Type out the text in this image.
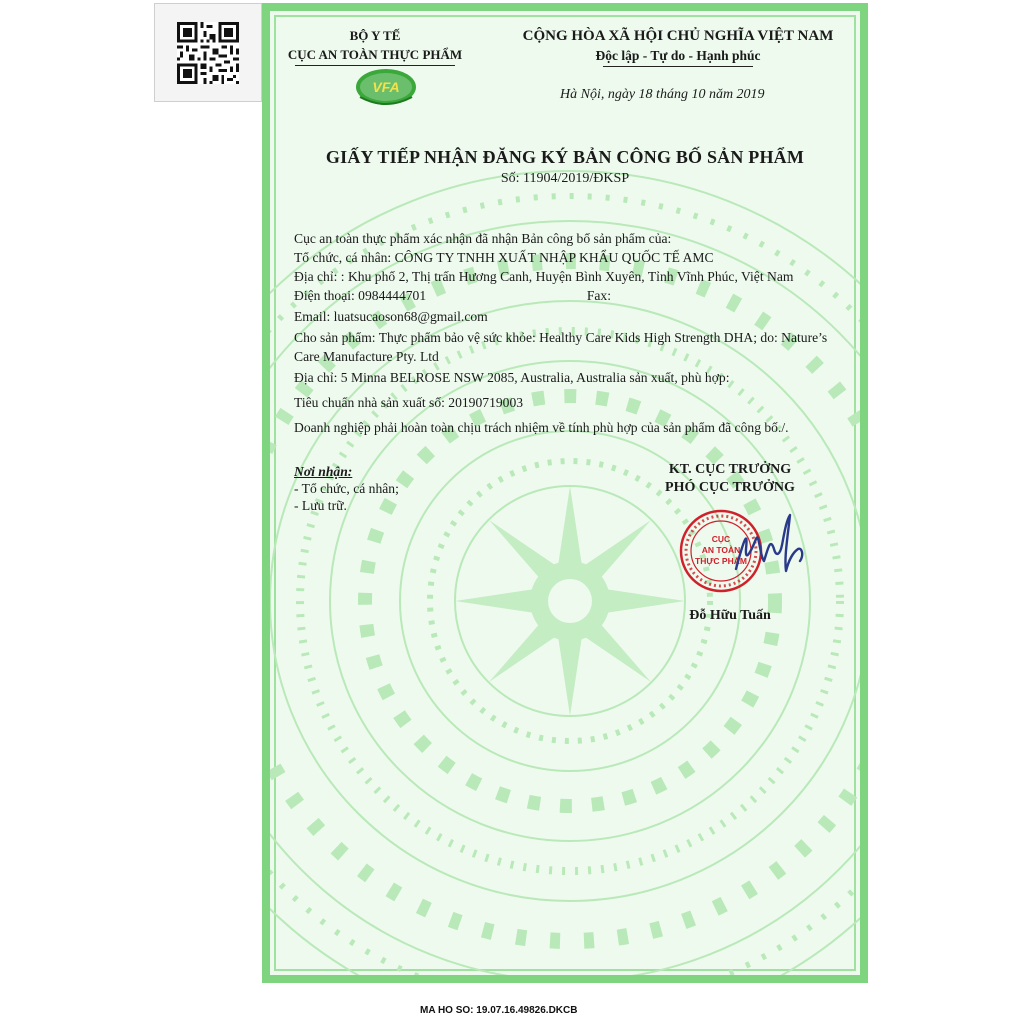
BỘ Y TẾ
CỤC AN TOÀN THỰC PHẨM
VFA
CỘNG HÒA XÃ HỘI CHỦ NGHĨA VIỆT NAM
Độc lập - Tự do - Hạnh phúc
Hà Nội, ngày 18 tháng 10 năm 2019
GIẤY TIẾP NHẬN ĐĂNG KÝ BẢN CÔNG BỐ SẢN PHẨM
Số: 11904/2019/ĐKSP

Cục an toàn thực phẩm xác nhận đã nhận Bản công bố sản phẩm của:

Tổ chức, cá nhân: CÔNG TY TNHH XUẤT NHẬP KHẨU QUỐC TẾ AMC

Địa chỉ: : Khu phố 2, Thị trấn Hương Canh, Huyện Bình Xuyên, Tỉnh Vĩnh Phúc, Việt Nam

Điện thoại: 0984444701	Fax:

Email: luatsucaoson68@gmail.com

Cho sản phẩm: Thực phẩm bảo vệ sức khỏe: Healthy Care Kids High Strength DHA; do: Nature’s Care Manufacture Pty. Ltd

Địa chỉ: 5 Minna BELROSE NSW 2085, Australia, Australia sản xuất, phù hợp:

Tiêu chuẩn nhà sản xuất số: 20190719003

Doanh nghiệp phải hoàn toàn chịu trách nhiệm về tính phù hợp của sản phẩm đã công bố./.

Nơi nhận:
- Tổ chức, cá nhân;
- Lưu trữ.
KT. CỤC TRƯỞNG
PHÓ CỤC TRƯỞNG
CỤC
AN TOÀN
THỰC PHẨM
Đỗ Hữu Tuấn
MA HO SO: 19.07.16.49826.DKCB
